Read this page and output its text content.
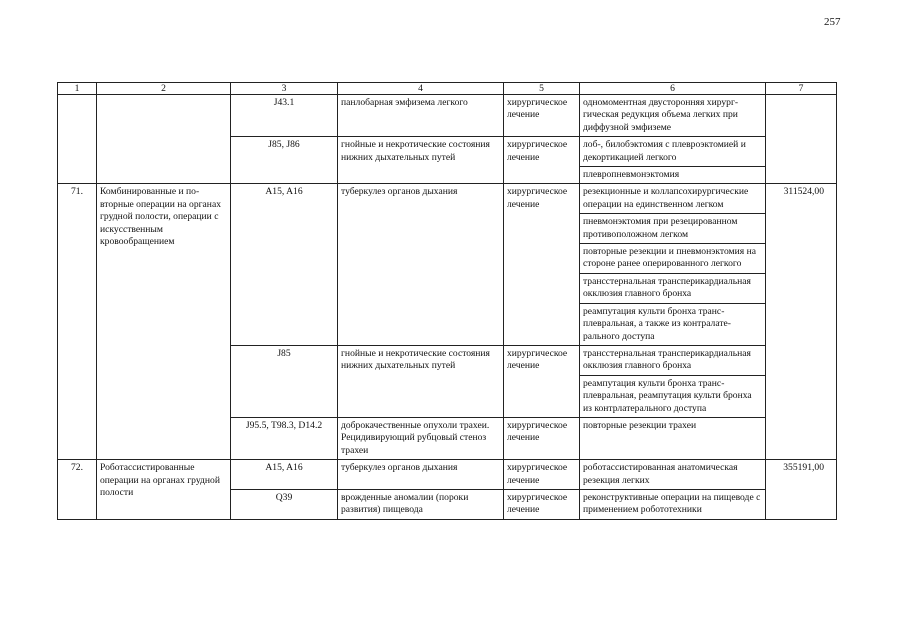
257
1	2	3	4	5	6	7
		J43.1	панлобарная эмфизема легкого	хирургическое лечение	одномоментная двусторонняя хирурггическая редукция объема легких при диффузной эмфиземе	
		J85, J86	гнойные и некротические состояния нижних дыхательных путей	хирургическое лечение	лоб-, билобэктомия с плевроэктомией и декортикацией легкого	
					плевропневмонэктомия	
71.	Комбинированные и повторные операции на органах грудной полости, операции с искусственным кровообращением	A15, A16	туберкулез органов дыхания	хирургическое лечение	резекционные и коллапсохирургические операции на единственном легком	311524,00
					пневмонэктомия при резецированном противоположном легком	
					повторные резекции и пневмонэктомия на стороне ранее оперированного легкого	
					трансстернальная трансперикардиальная окклюзия главного бронха	
					реампутация культи бронха трансплевральная, а также из контралатерального доступа	
		J85	гнойные и некротические состояния нижних дыхательных путей	хирургическое лечение	трансстернальная трансперикардиальная окклюзия главного бронха	
					реампутация культи бронха трансплевральная, реампутация культи бронха из контрлатерального доступа	
		J95.5, T98.3, D14.2	доброкачественные опухоли трахеи. Рецидивирующий рубцовый стеноз трахеи	хирургическое лечение	повторные резекции трахеи	
72.	Роботассистированные операции на органах грудной полости	A15, A16	туберкулез органов дыхания	хирургическое лечение	роботассистированная анатомическая резекция легких	355191,00
		Q39	врожденные аномалии (пороки развития) пищевода	хирургическое лечение	реконструктивные операции на пищеводе с применением робототехники	
